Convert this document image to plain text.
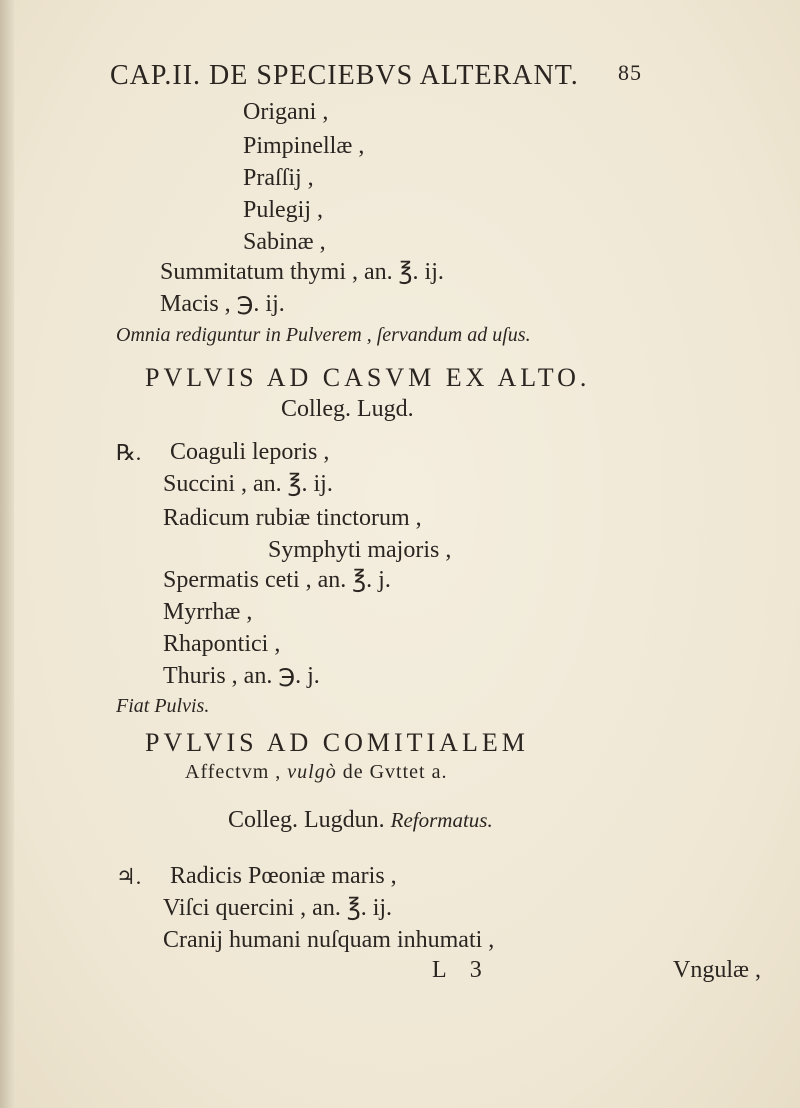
CAP.II. DE SPECIEBVS ALTERANT. 85
Origani ,
Pimpinellæ ,
Praſſij ,
Pulegij ,
Sabinæ ,
Summitatum thymi , an. ℥. ij.
Macis , ℈. ij.
Omnia rediguntur in Pulverem , ſervandum ad uſus.
PVLVIS AD CASVM EX ALTO.
Colleg. Lugd.
℞. Coaguli leporis ,
Succini , an. ℥. ij.
Radicum rubiæ tinctorum ,
Symphyti majoris ,
Spermatis ceti , an. ℥. j.
Myrrhæ ,
Rhapontici ,
Thuris , an. ℈. j.
Fiat Pulvis.
PVLVIS AD COMITIALEM
Affectvm , vulgò de Gvttet a.
Colleg. Lugdun. Reformatus.
♃. Radicis Pœoniæ maris ,
Viſci quercini , an. ℥. ij.
Cranij humani nuſquam inhumati ,
L 3	Vngulæ ,
